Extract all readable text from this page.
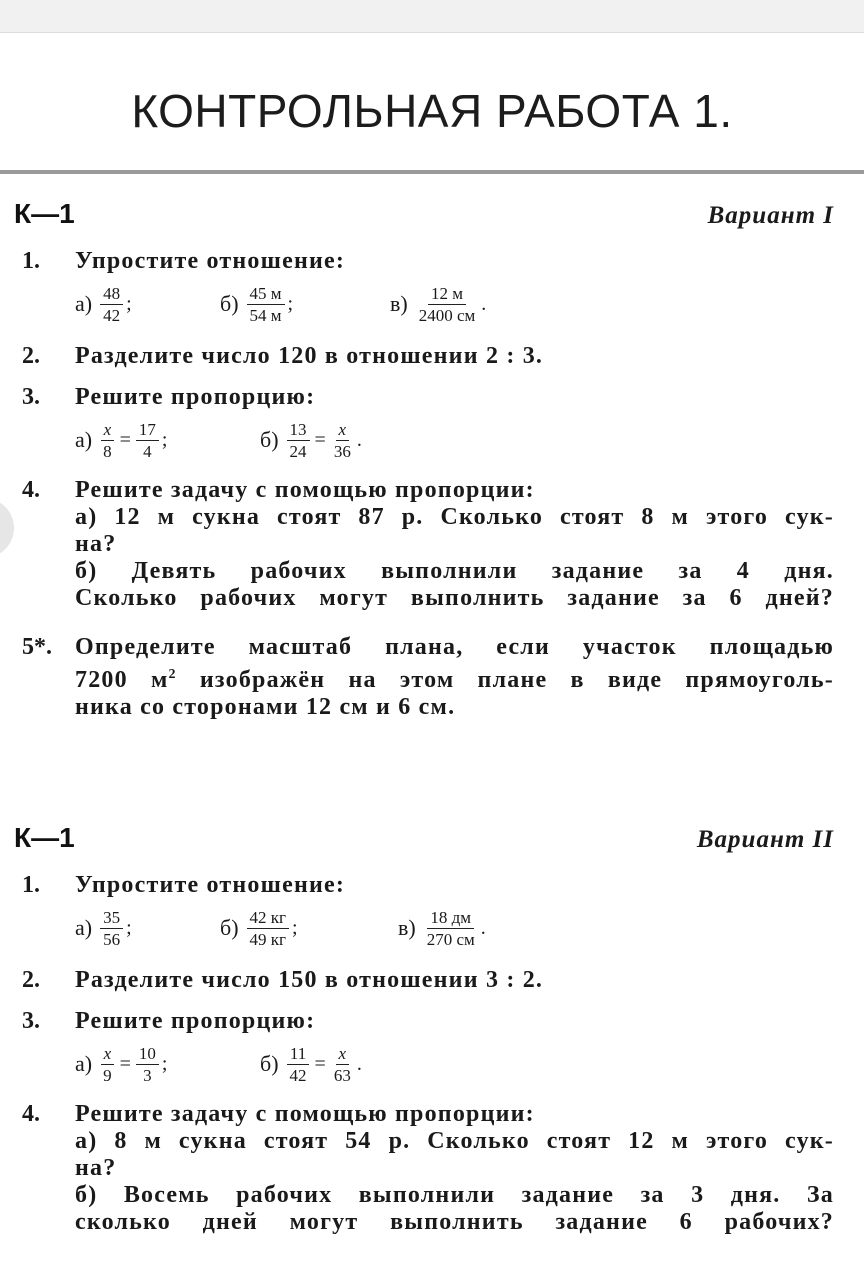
КОНТРОЛЬНАЯ РАБОТА 1.
К—1	Вариант I
1. Упростите отношение:
$а) \frac{48}{42}$ ;	$б) \frac{45 м}{54 м}$ ;	$в) \frac{12 м}{2400 см}$ .
2. Разделите число 120 в отношении 2 : 3.
3. Решите пропорцию:
$а) \frac{x}{8} = \frac{17}{4}$ ;	$б) \frac{13}{24} = \frac{x}{36}$ .
4. Решите задачу с помощью пропорции:
а) 12 м сукна стоят 87 р. Сколько стоят 8 м этого сук-
на?
б) Девять рабочих выполнили задание за 4 дня.
Сколько рабочих могут выполнить задание за 6 дней?
5*. Определите масштаб плана, если участок площадью
7200 $м^2$ изображён на этом плане в виде прямоуголь-
ника со сторонами 12 см и 6 см.
К—1	Вариант II
1. Упростите отношение:
$а) \frac{35}{56}$ ;	$б) \frac{42 кг}{49 кг}$ ;	$в) \frac{18 дм}{270 см}$ .
2. Разделите число 150 в отношении 3 : 2.
3. Решите пропорцию:
$а) \frac{x}{9} = \frac{10}{3}$ ;	$б) \frac{11}{42} = \frac{x}{63}$ .
4. Решите задачу с помощью пропорции:
а) 8 м сукна стоят 54 р. Сколько стоят 12 м этого сук-
на?
б) Восемь рабочих выполнили задание за 3 дня. За
сколько дней могут выполнить задание 6 рабочих?
